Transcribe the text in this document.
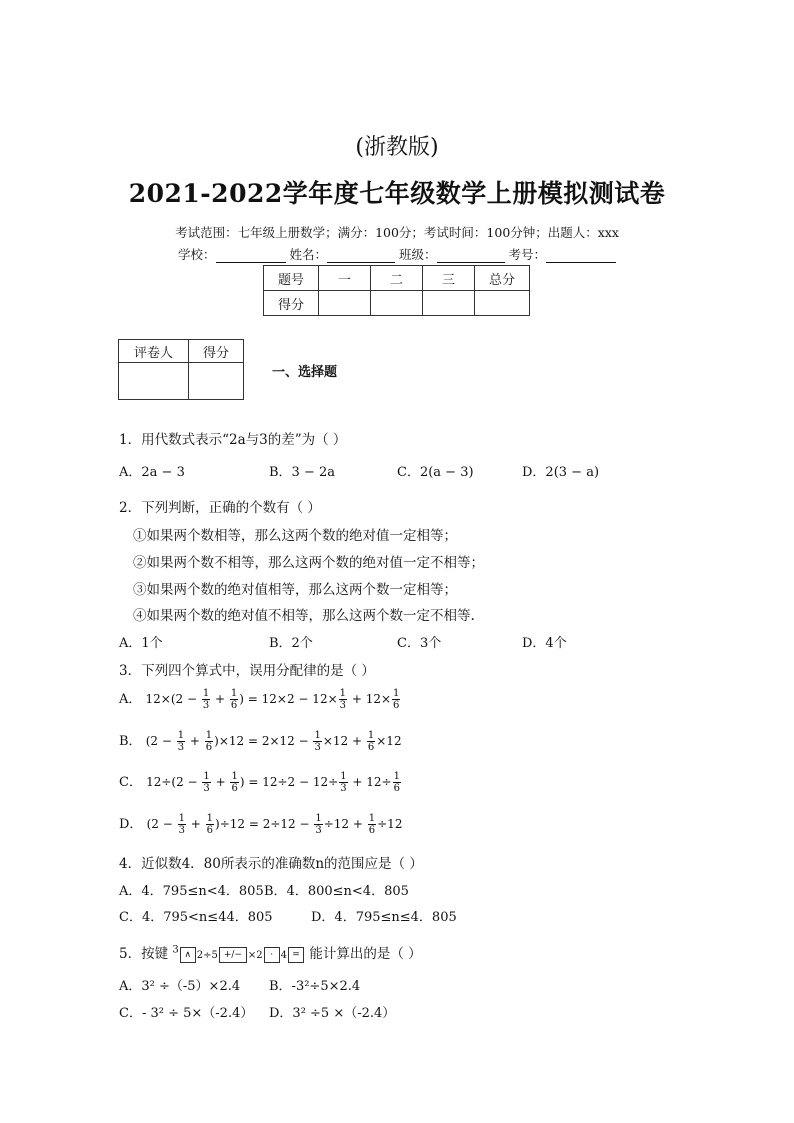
(浙教版)
2021-2022学年度七年级数学上册模拟测试卷
考试范围：七年级上册数学；满分：100分；考试时间：100分钟；出题人：xxx
学校：	姓名：	班级：	考号：
题号	一	二	三	总分
得分				
评卷人	得分

一、选择题
1．用代数式表示“2a与3的差”为（ ）
A．2a − 3	B．3 − 2a	C．2(a − 3)	D．2(3 − a)
2．下列判断，正确的个数有（ ）
①如果两个数相等，那么这两个数的绝对值一定相等；
②如果两个数不相等，那么这两个数的绝对值一定不相等；
③如果两个数的绝对值相等，那么这两个数一定相等；
④如果两个数的绝对值不相等，那么这两个数一定不相等.
A．1个	B．2个	C．3个	D．4个
3．下列四个算式中，误用分配律的是（ ）
A． $12\times(2 - \frac{1}{3} + \frac{1}{6}$ ) = $12\times 2 - 12\times \frac{1}{3} + 12\times \frac{1}{6}$
B． $(2 - \frac{1}{3} + \frac{1}{6} )\times 12 = 2\times 12 - \frac{1}{3} \times 12 + \frac{1}{6} \times 12$
C． $12\div(2 - \frac{1}{3} + \frac{1}{6}$ ) = $12\div 2 - 12\div \frac{1}{3} + 12\div \frac{1}{6}$
D． $(2 - \frac{1}{3} + \frac{1}{6} )\div 12 = 2\div 12 - \frac{1}{3} \div 12 + \frac{1}{6} \div 12$
4．近似数4．80所表示的准确数n的范围应是（ ）
A．4．795≤n<4．805 B．4．800≤n<4．805
C．4．795<n≤44．805	D．4．795≤n≤4．805
5．按键 $^3$ ∧ 2÷5 +/− ×2 · 4 = 能计算出的是（ ）
A．3² ÷（-5）×2.4 B．-3²÷5×2.4
C．- 3² ÷ 5×（-2.4） D．3² ÷5 ×（-2.4）
